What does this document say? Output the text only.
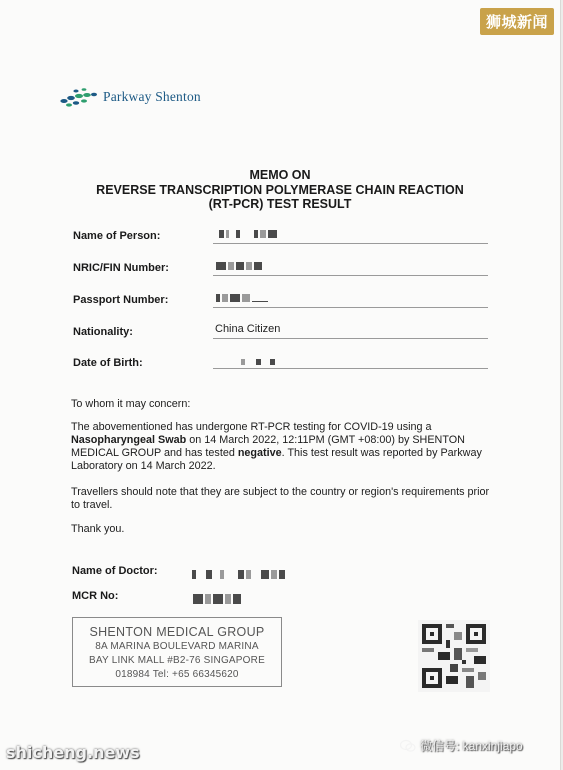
狮城新闻
Parkway Shenton
MEMO ON
REVERSE TRANSCRIPTION POLYMERASE CHAIN REACTION
(RT-PCR) TEST RESULT
Name of Person:
NRIC/FIN Number:
Passport Number:
Nationality:	China Citizen
Date of Birth:
To whom it may concern:
The abovementioned has undergone RT-PCR testing for COVID-19 using a Nasopharyngeal Swab on 14 March 2022, 12:11PM (GMT +08:00) by SHENTON MEDICAL GROUP and has tested negative. This test result was reported by Parkway Laboratory on 14 March 2022.
Travellers should note that they are subject to the country or region's requirements prior to travel.
Thank you.
Name of Doctor:
MCR No:
SHENTON MEDICAL GROUP
8A MARINA BOULEVARD MARINA
BAY LINK MALL #B2-76 SINGAPORE
018984 Tel: +65 66345620
shicheng.news	微信号: kanxinjiapo
